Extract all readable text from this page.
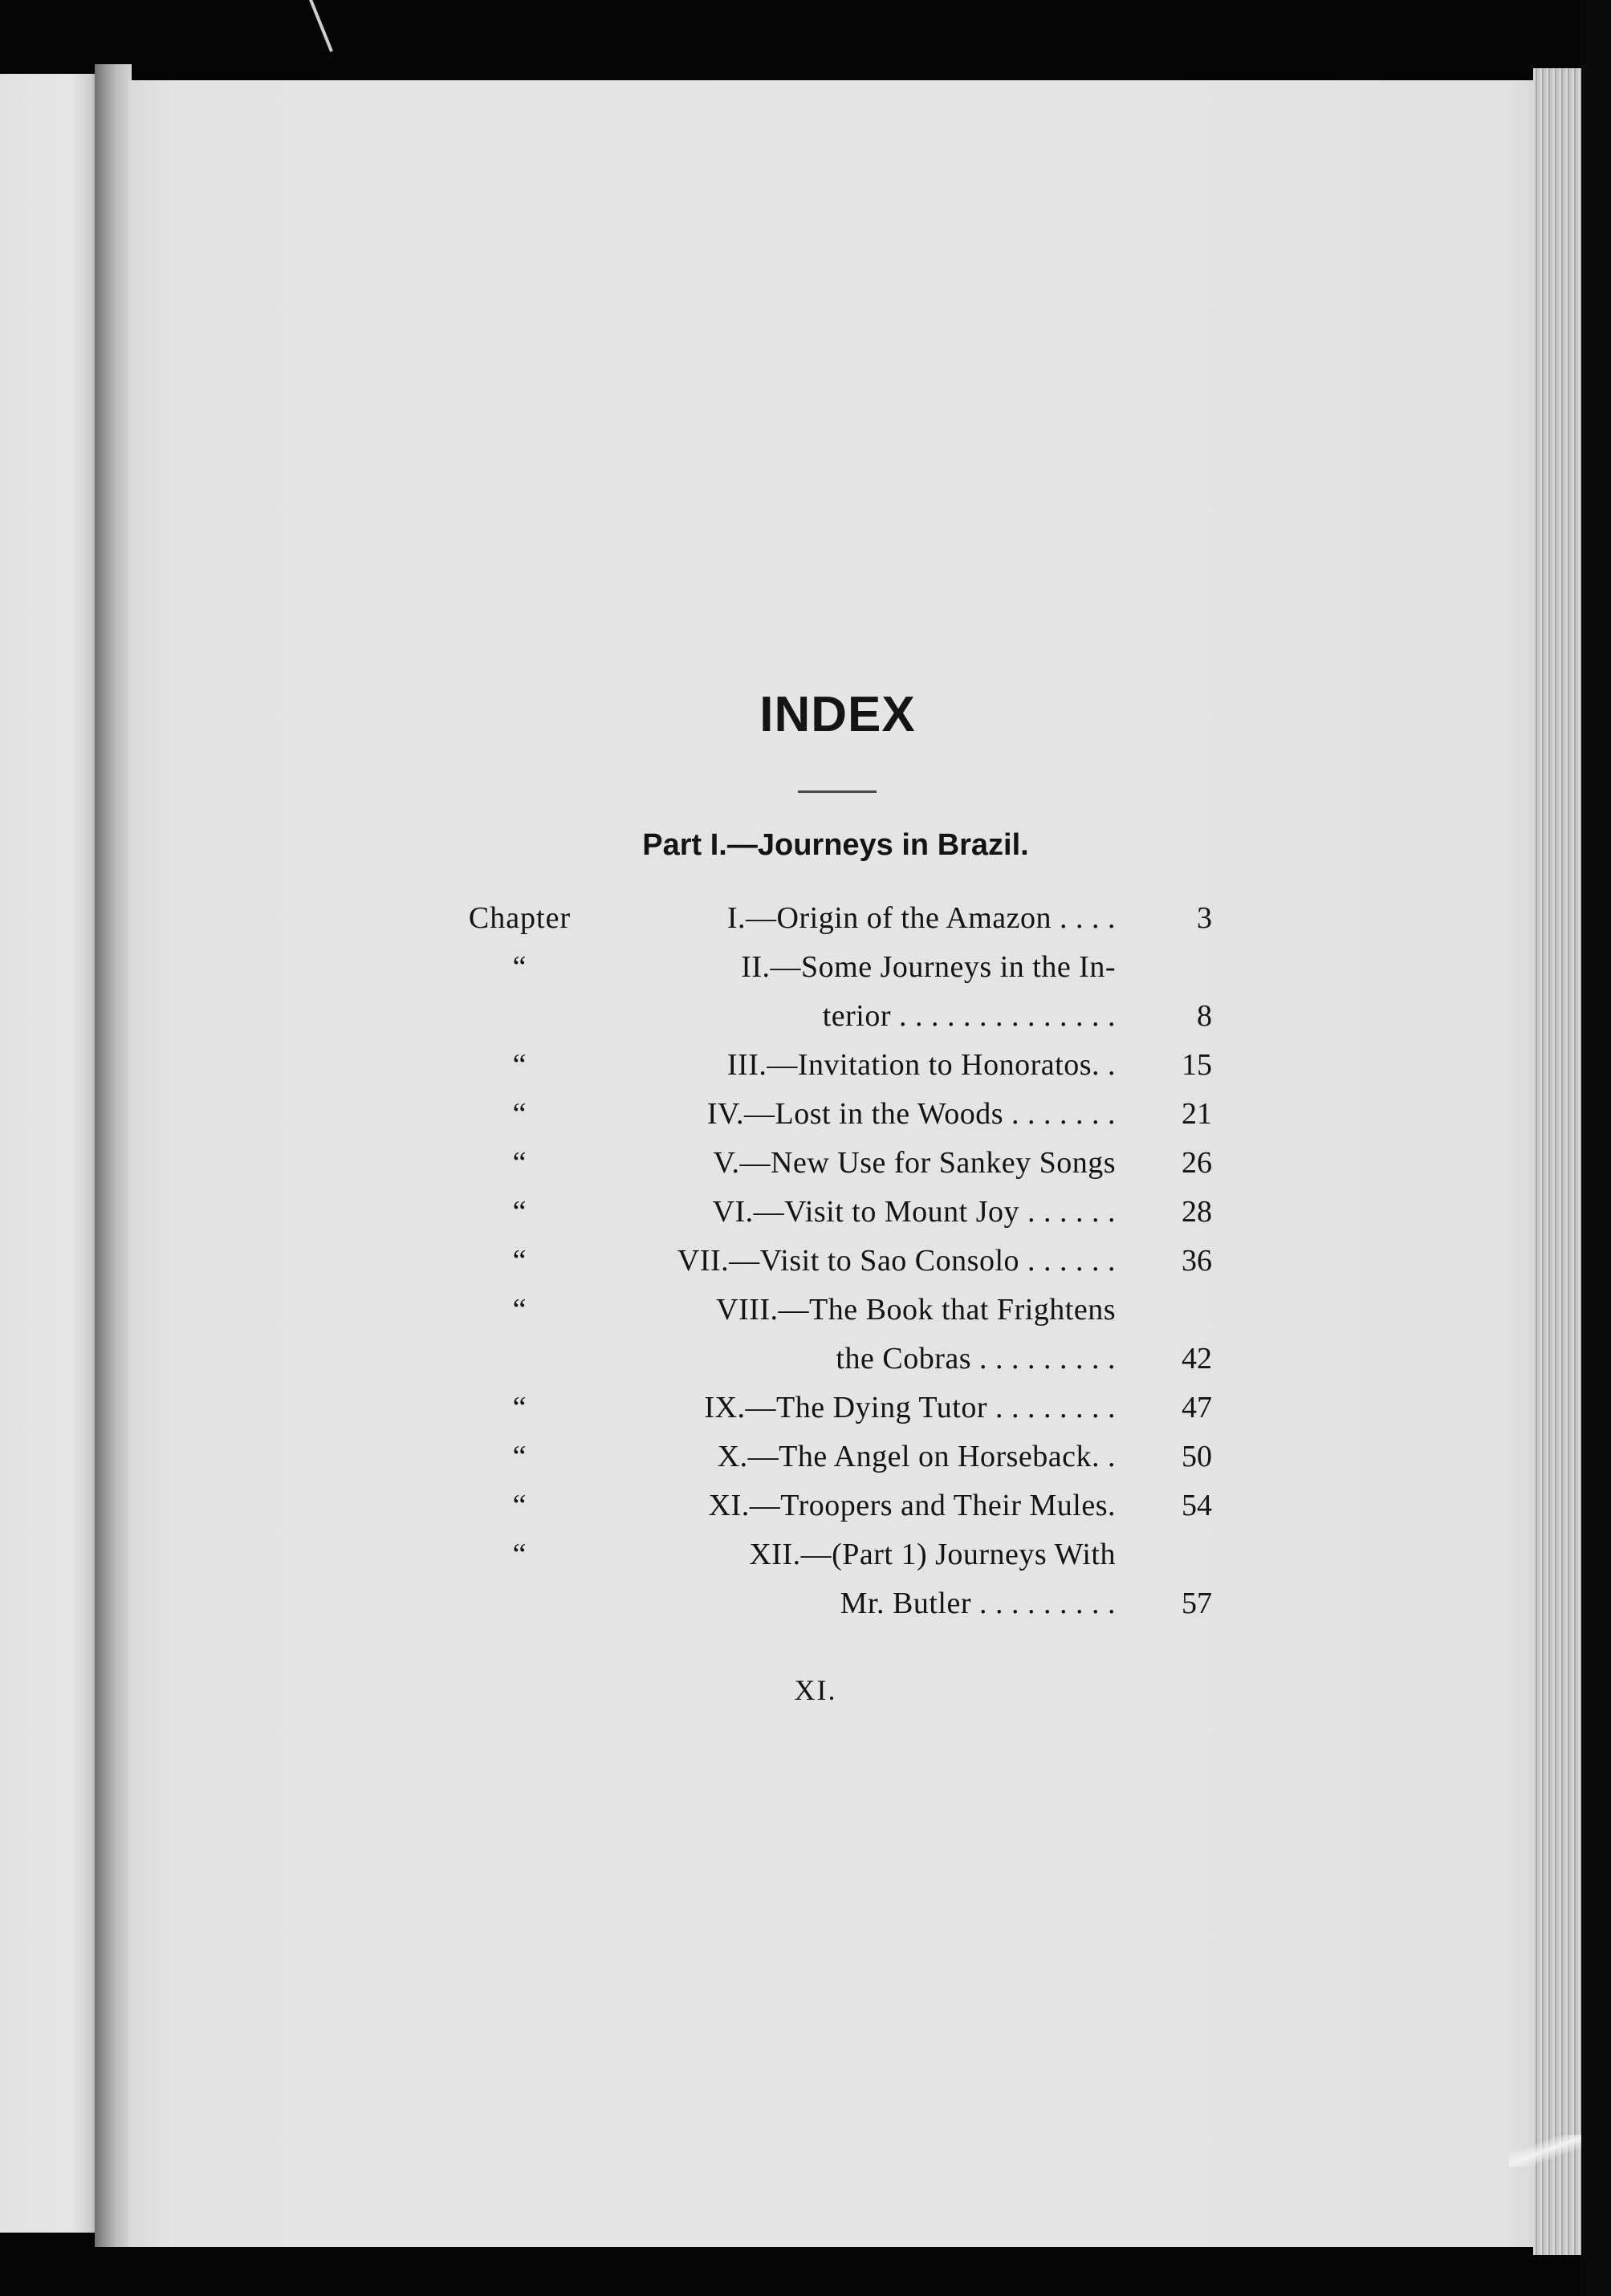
INDEX
Part I.—Journeys in Brazil.
Chapter	I.—Origin of the Amazon . . . .	3
“	II.—Some Journeys in the In-
terior . . . . . . . . . . . . . .	8
“	III.—Invitation to Honoratos. .	15
“	IV.—Lost in the Woods . . . . . . .	21
“	V.—New Use for Sankey Songs	26
“	VI.—Visit to Mount Joy . . . . . .	28
“	VII.—Visit to Sao Consolo . . . . . .	36
“	VIII.—The Book that Frightens
the Cobras . . . . . . . . .	42
“	IX.—The Dying Tutor . . . . . . . .	47
“	X.—The Angel on Horseback. .	50
“	XI.—Troopers and Their Mules.	54
“	XII.—(Part 1) Journeys With
Mr. Butler . . . . . . . . .	57
XI.
